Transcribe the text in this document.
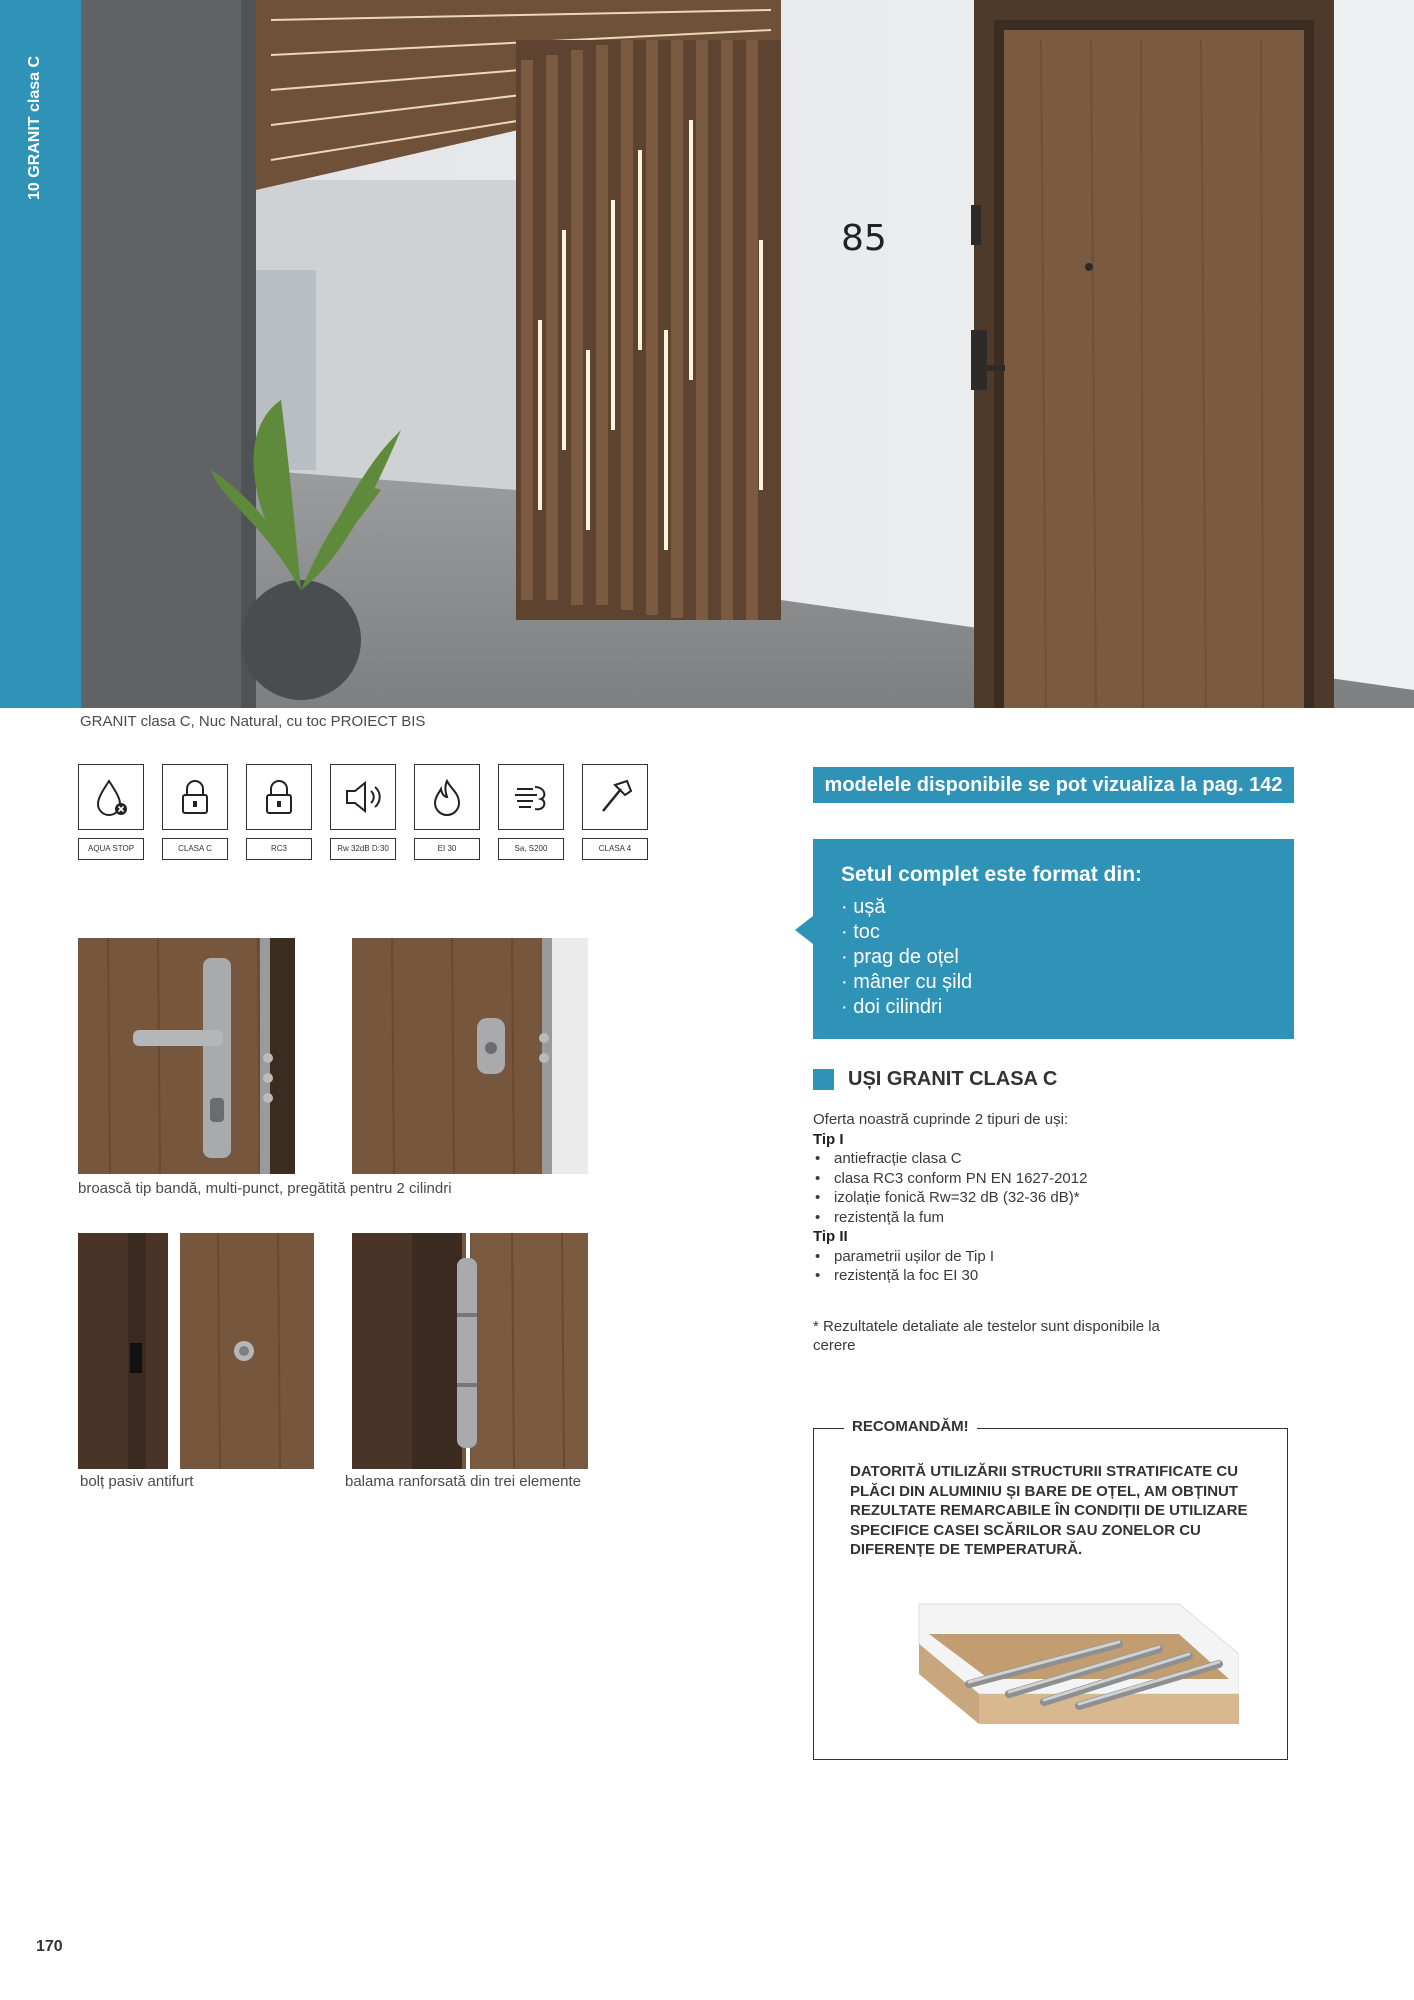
10 GRANIT clasa C
85
GRANIT clasa C, Nuc Natural, cu toc PROIECT BIS
AQUA STOP	CLASA C	RC3	Rw 32dB D:30	EI 30	Sa, S200	CLASA 4
broască tip bandă, multi-punct, pregătită pentru 2 cilindri
bolț pasiv antifurt	balama ranforsată din trei elemente
modelele disponibile se pot vizualiza la pag. 142
Setul complet este format din:
· ușă
· toc
· prag de oțel
· mâner cu șild
· doi cilindri
UȘI GRANIT CLASA C
Oferta noastră cuprinde 2 tipuri de uși:
Tip I
• antiefracție clasa C
• clasa RC3 conform PN EN 1627-2012
• izolație fonică Rw=32 dB (32-36 dB)*
• rezistență la fum
Tip II
• parametrii ușilor de Tip I
• rezistență la foc EI 30
* Rezultatele detaliate ale testelor sunt disponibile la cerere
RECOMANDĂM!
DATORITĂ UTILIZĂRII STRUCTURII STRATIFICATE CU PLĂCI DIN ALUMINIU ȘI BARE DE OȚEL, AM OBȚINUT REZULTATE REMARCABILE ÎN CONDIȚII DE UTILIZARE SPECIFICE CASEI SCĂRILOR SAU ZONELOR CU DIFERENȚE DE TEMPERATURĂ.
170
